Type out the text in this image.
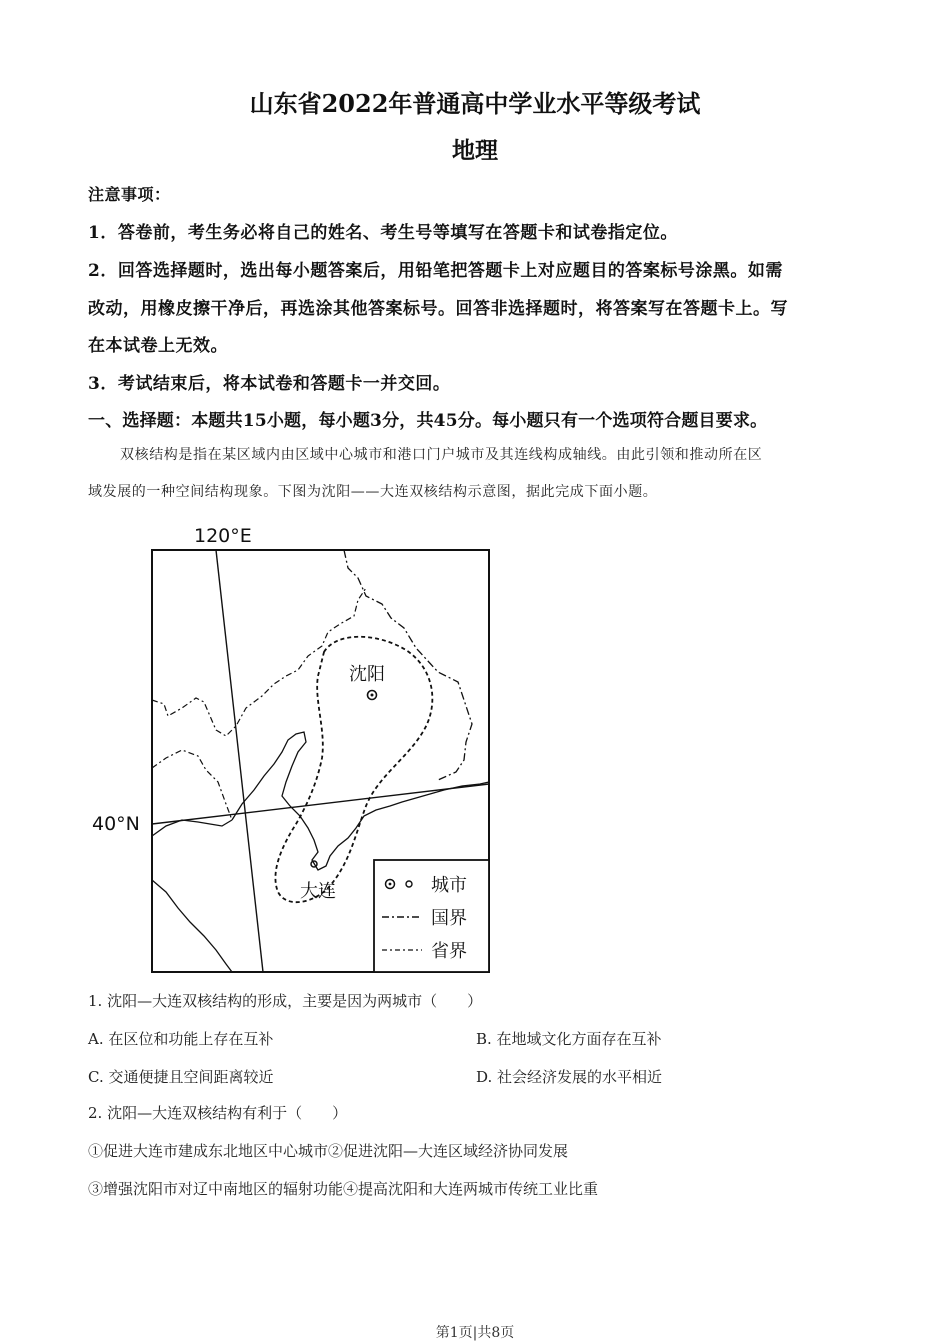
山东省2022年普通高中学业水平等级考试
地理
注意事项：
1．答卷前，考生务必将自己的姓名、考生号等填写在答题卡和试卷指定位。
2．回答选择题时，选出每小题答案后，用铅笔把答题卡上对应题目的答案标号涂黑。如需
改动，用橡皮擦干净后，再选涂其他答案标号。回答非选择题时，将答案写在答题卡上。写
在本试卷上无效。
3．考试结束后，将本试卷和答题卡一并交回。
一、选择题：本题共15小题，每小题3分，共45分。每小题只有一个选项符合题目要求。
双核结构是指在某区域内由区域中心城市和港口门户城市及其连线构成轴线。由此引领和推动所在区
域发展的一种空间结构现象。下图为沈阳——大连双核结构示意图，据此完成下面小题。
120°E
40°N
沈阳
大连	城市
国界
省界
1. 沈阳—大连双核结构的形成，主要是因为两城市（　　）
A. 在区位和功能上存在互补	B. 在地域文化方面存在互补
C. 交通便捷且空间距离较近	D. 社会经济发展的水平相近
2. 沈阳—大连双核结构有利于（　　）
①促进大连市建成东北地区中心城市②促进沈阳—大连区域经济协同发展
③增强沈阳市对辽中南地区的辐射功能④提高沈阳和大连两城市传统工业比重
第1页|共8页
